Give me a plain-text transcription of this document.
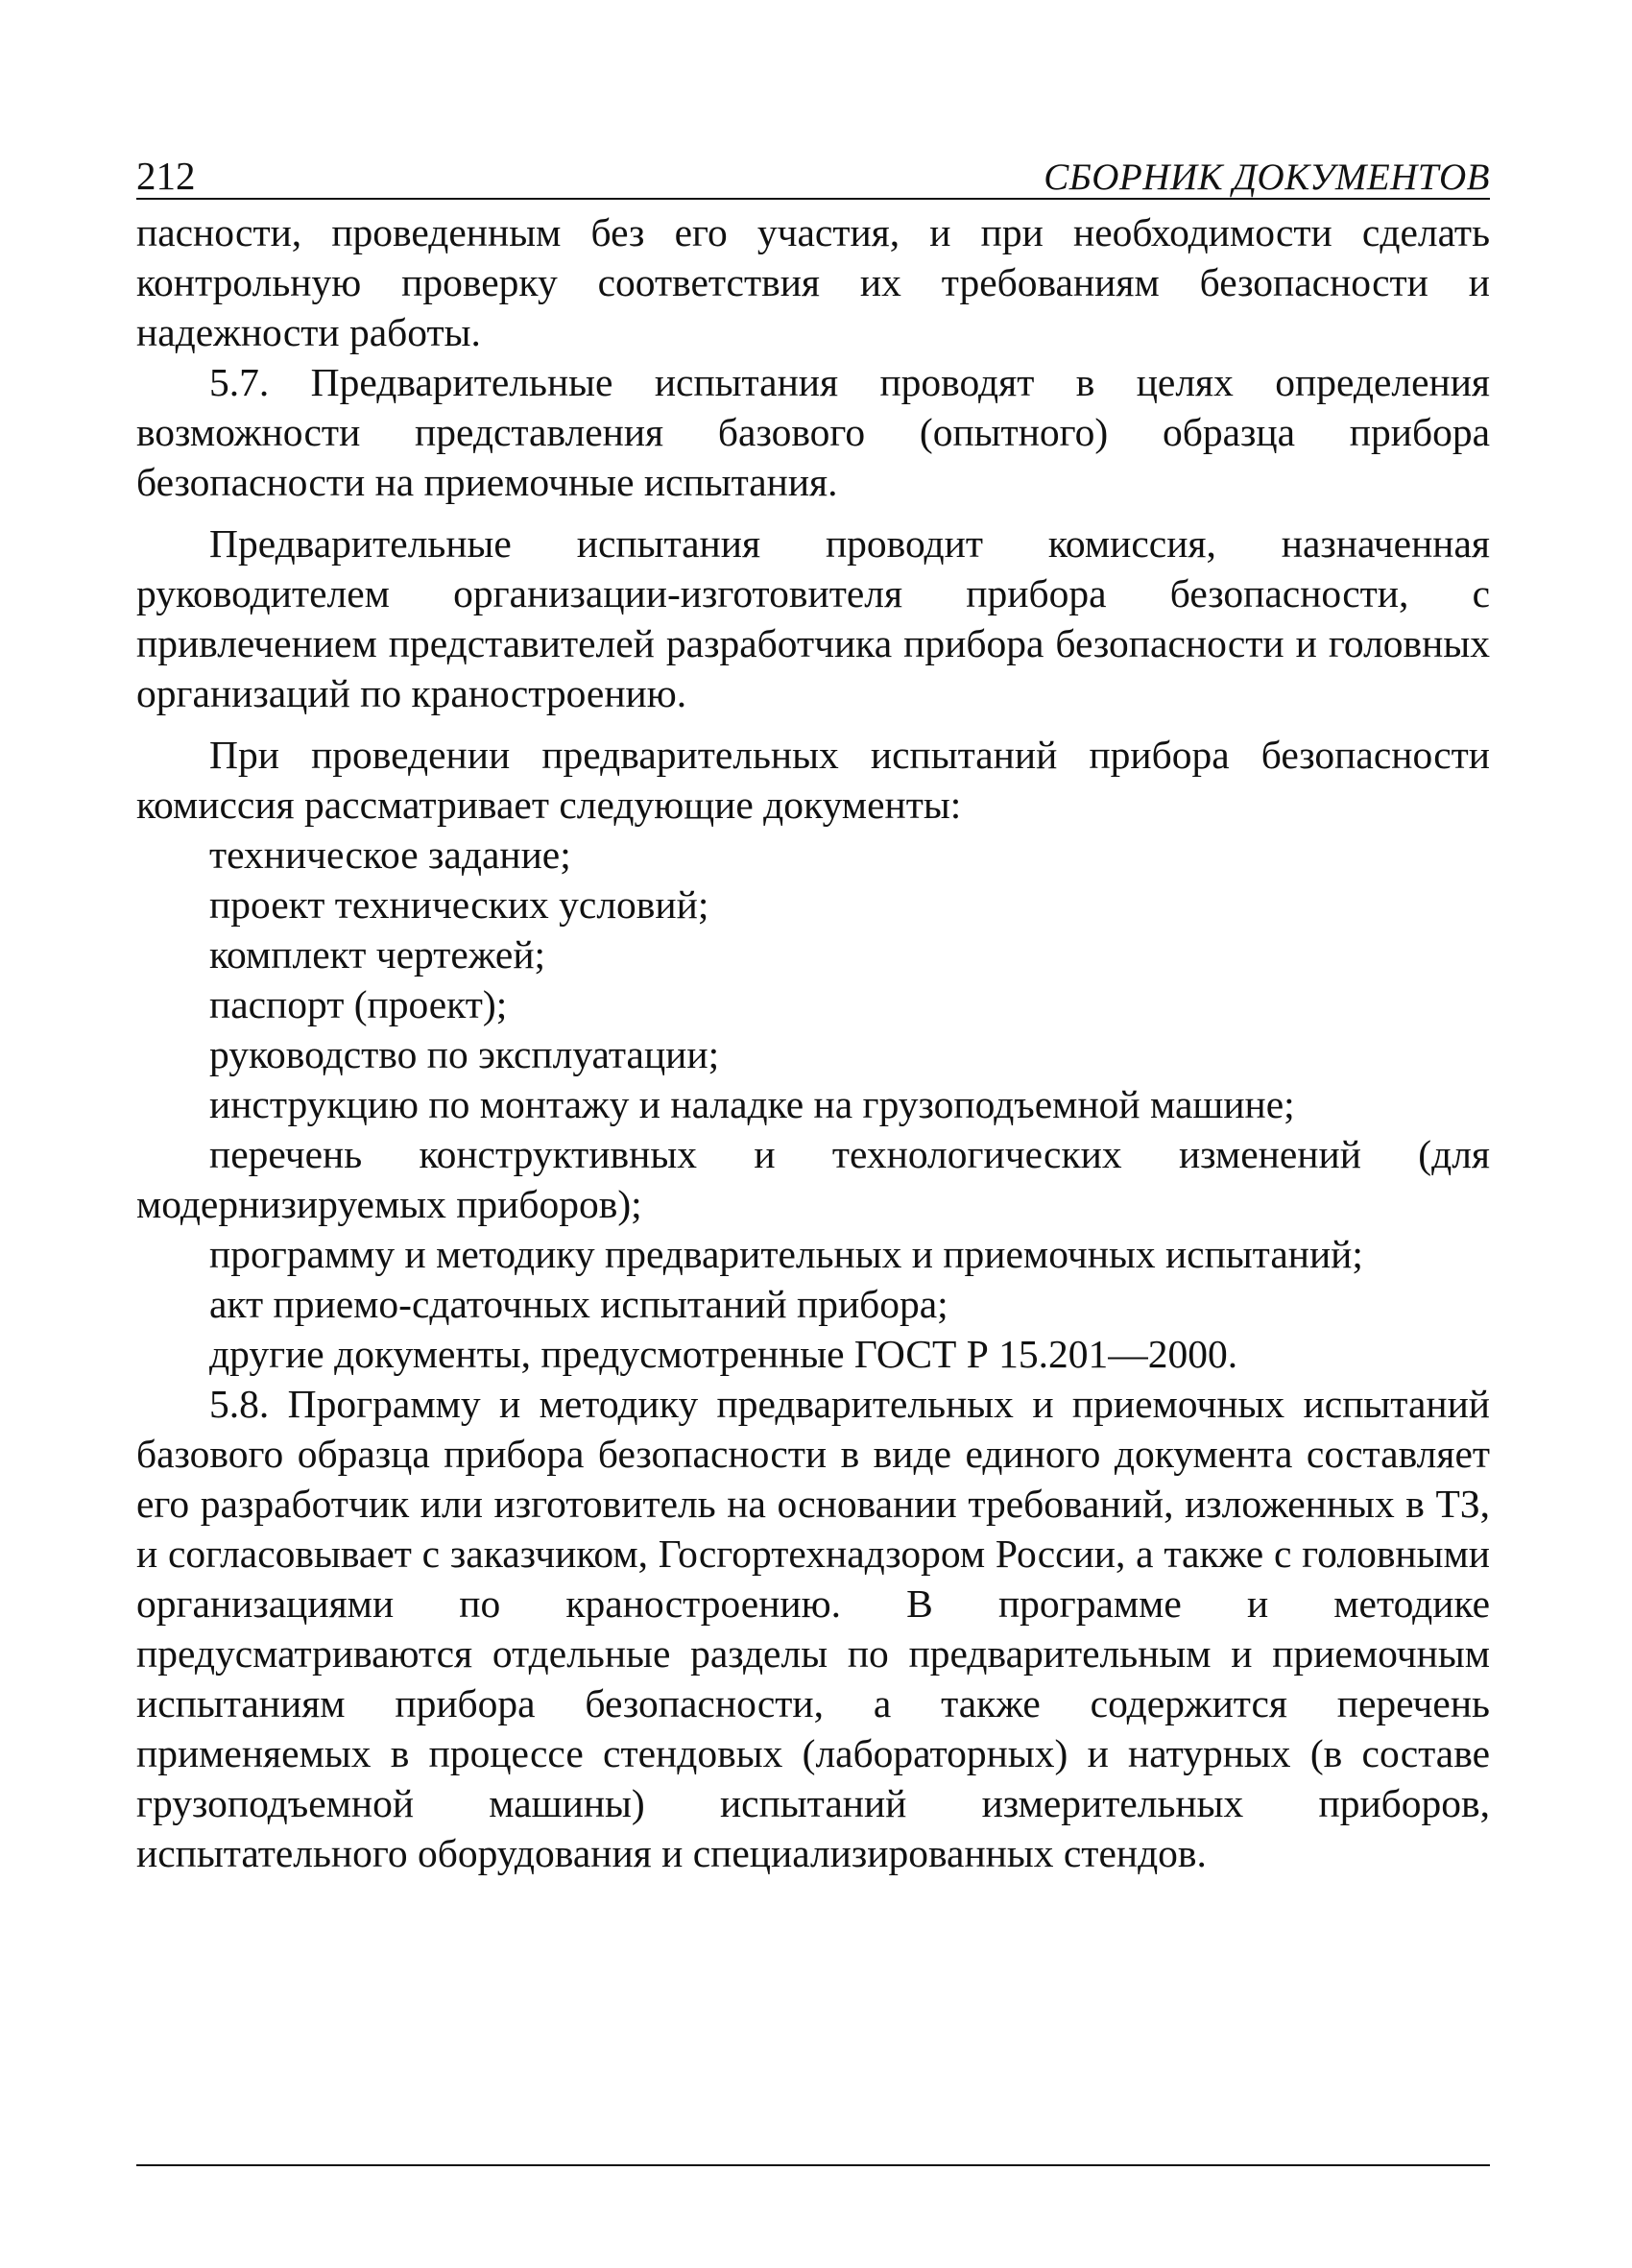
212	СБОРНИК ДОКУМЕНТОВ

пасности, проведенным без его участия, и при необходимости сделать контрольную проверку соответствия их требованиям безопасности и надежности работы.

5.7. Предварительные испытания проводят в целях определения возможности представления базового (опытного) образца прибора безопасности на приемочные испытания.

Предварительные испытания проводит комиссия, назначенная руководителем организации-изготовителя прибора безопасности, с привлечением представителей разработчика прибора безопасности и головных организаций по краностроению.

При проведении предварительных испытаний прибора безопасности комиссия рассматривает следующие документы:

техническое задание;

проект технических условий;

комплект чертежей;

паспорт (проект);

руководство по эксплуатации;

инструкцию по монтажу и наладке на грузоподъемной машине;

перечень конструктивных и технологических изменений (для модернизируемых приборов);

программу и методику предварительных и приемочных испытаний;

акт приемо-сдаточных испытаний прибора;

другие документы, предусмотренные ГОСТ Р 15.201—2000.

5.8. Программу и методику предварительных и приемочных испытаний базового образца прибора безопасности в виде единого документа составляет его разработчик или изготовитель на основании требований, изложенных в ТЗ, и согласовывает с заказчиком, Госгортехнадзором России, а также с головными организациями по краностроению. В программе и методике предусматриваются отдельные разделы по предварительным и приемочным испытаниям прибора безопасности, а также содержится перечень применяемых в процессе стендовых (лабораторных) и натурных (в составе грузоподъемной машины) испытаний измерительных приборов, испытательного оборудования и специализированных стендов.
